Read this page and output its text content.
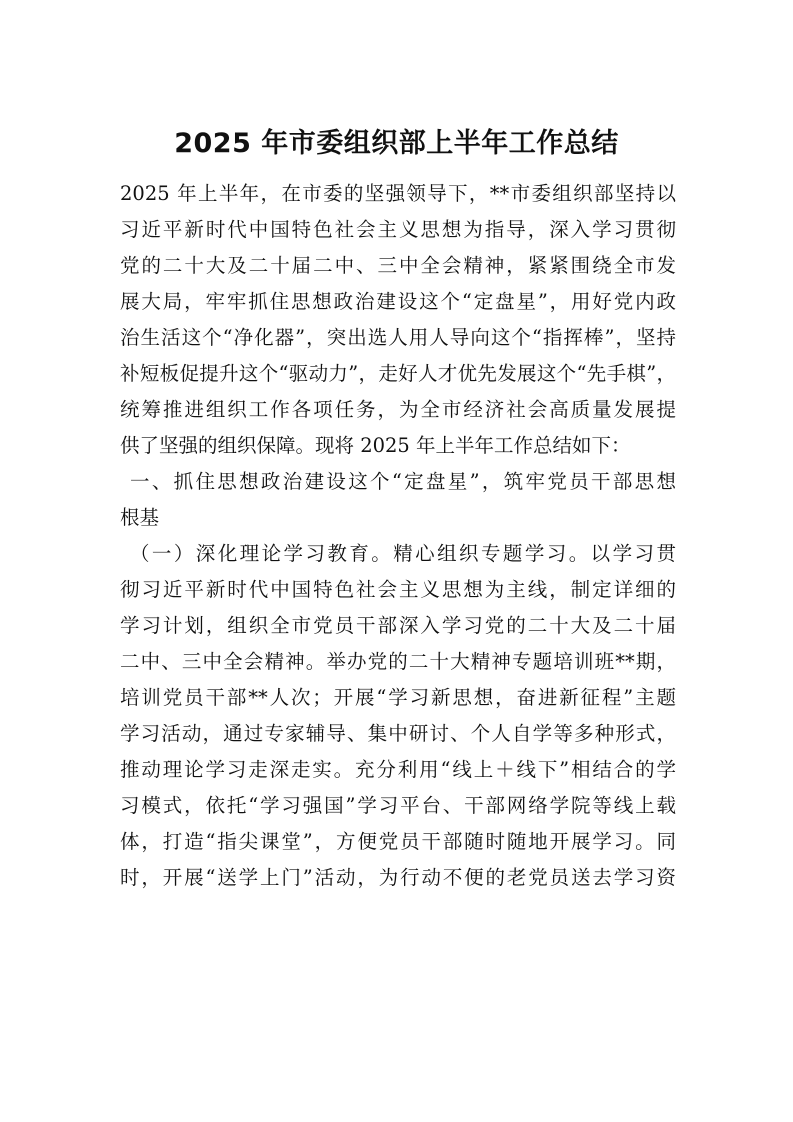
2025 年市委组织部上半年工作总结
2025 年上半年，在市委的坚强领导下，**市委组织部坚持以
习近平新时代中国特色社会主义思想为指导，深入学习贯彻
党的二十大及二十届二中、三中全会精神，紧紧围绕全市发
展大局，牢牢抓住思想政治建设这个“定盘星”，用好党内政
治生活这个“净化器”，突出选人用人导向这个“指挥棒”，坚持
补短板促提升这个“驱动力”，走好人才优先发展这个“先手棋”，
统筹推进组织工作各项任务，为全市经济社会高质量发展提
供了坚强的组织保障。现将 2025 年上半年工作总结如下：
一、抓住思想政治建设这个“定盘星”，筑牢党员干部思想
根基
（一）深化理论学习教育。精心组织专题学习。以学习贯
彻习近平新时代中国特色社会主义思想为主线，制定详细的
学习计划，组织全市党员干部深入学习党的二十大及二十届
二中、三中全会精神。举办党的二十大精神专题培训班**期，
培训党员干部**人次；开展“学习新思想，奋进新征程”主题
学习活动，通过专家辅导、集中研讨、个人自学等多种形式，
推动理论学习走深走实。充分利用“线上＋线下”相结合的学
习模式，依托“学习强国”学习平台、干部网络学院等线上载
体，打造“指尖课堂”，方便党员干部随时随地开展学习。同
时，开展“送学上门”活动，为行动不便的老党员送去学习资
